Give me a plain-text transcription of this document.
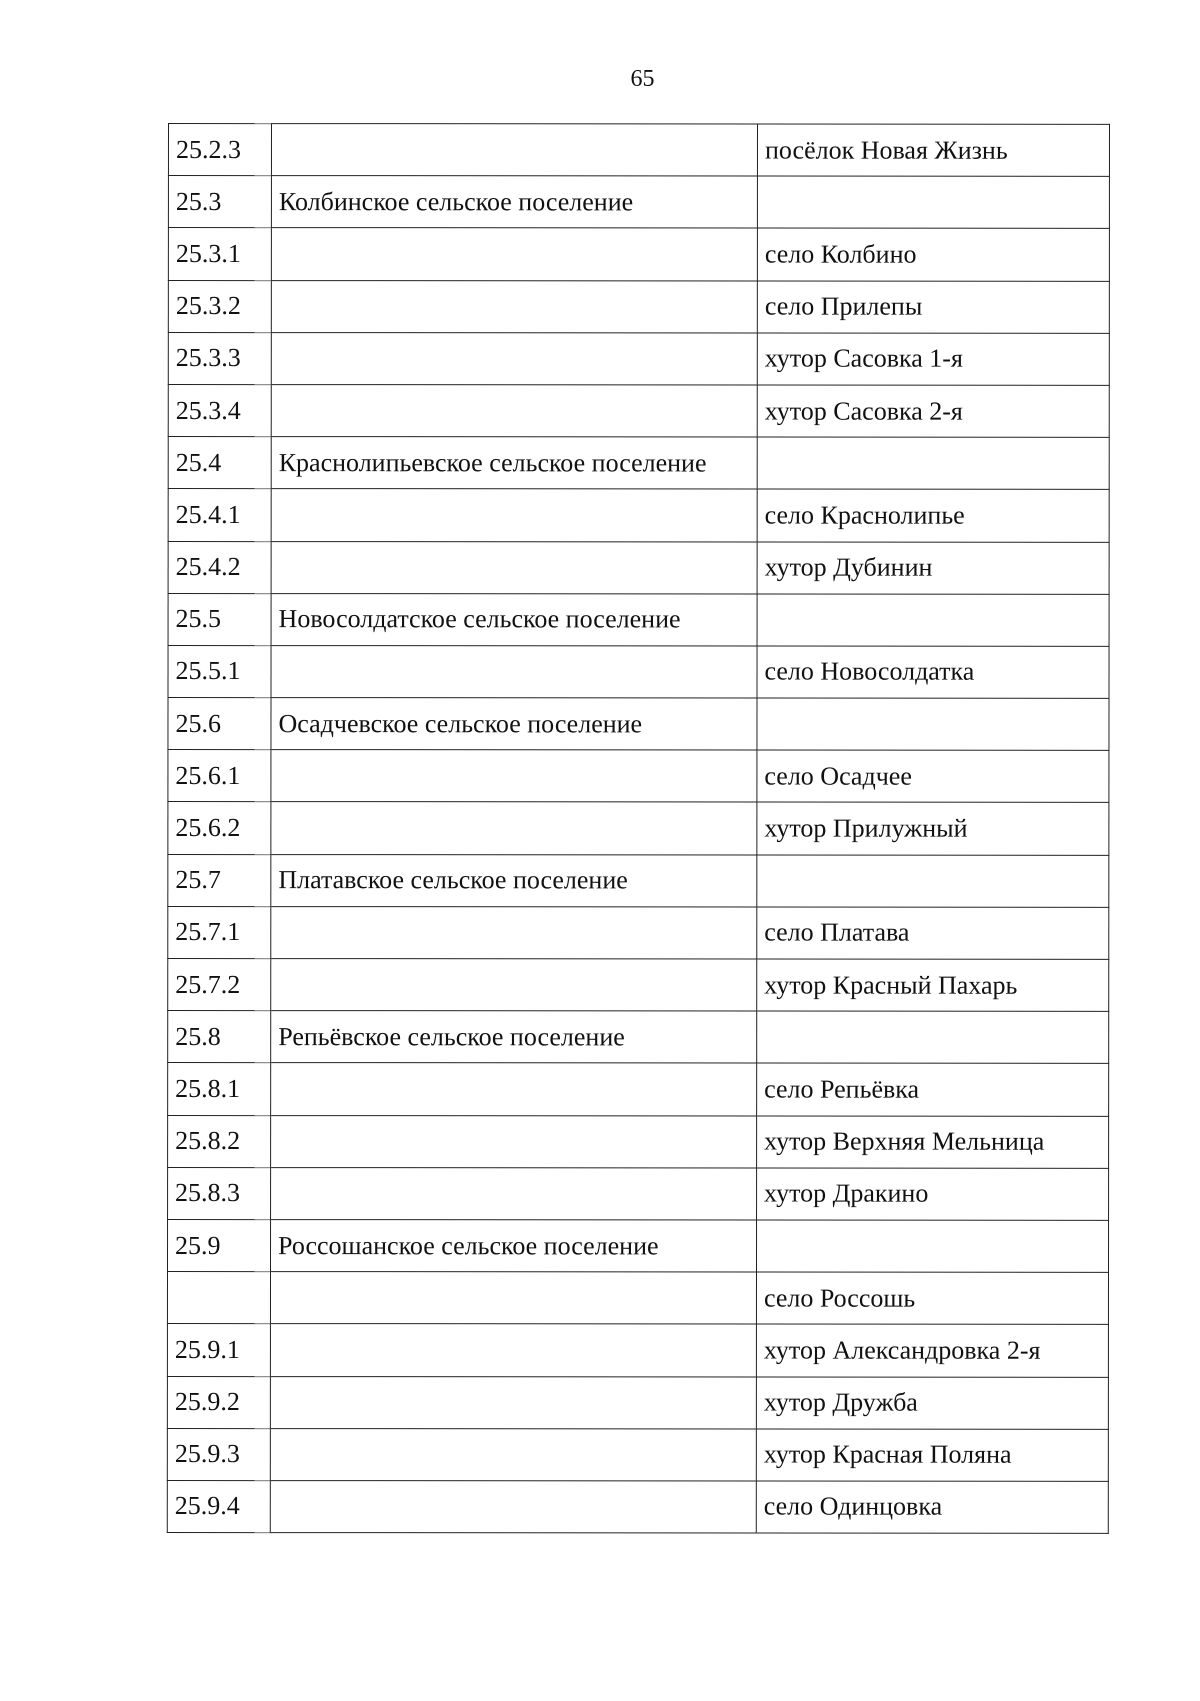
65
25.2.3		посёлок Новая Жизнь
25.3	Колбинское сельское поселение	
25.3.1		село Колбино
25.3.2		село Прилепы
25.3.3		хутор Сасовка 1-я
25.3.4		хутор Сасовка 2-я
25.4	Краснолипьевское сельское поселение	
25.4.1		село Краснолипье
25.4.2		хутор Дубинин
25.5	Новосолдатское сельское поселение	
25.5.1		село Новосолдатка
25.6	Осадчевское сельское поселение	
25.6.1		село Осадчее
25.6.2		хутор Прилужный
25.7	Платавское сельское поселение	
25.7.1		село Платава
25.7.2		хутор Красный Пахарь
25.8	Репьёвское сельское поселение	
25.8.1		село Репьёвка
25.8.2		хутор Верхняя Мельница
25.8.3		хутор Дракино
25.9	Россошанское сельское поселение	
		село Россошь
25.9.1		хутор Александровка 2-я
25.9.2		хутор Дружба
25.9.3		хутор Красная Поляна
25.9.4		село Одинцовка
